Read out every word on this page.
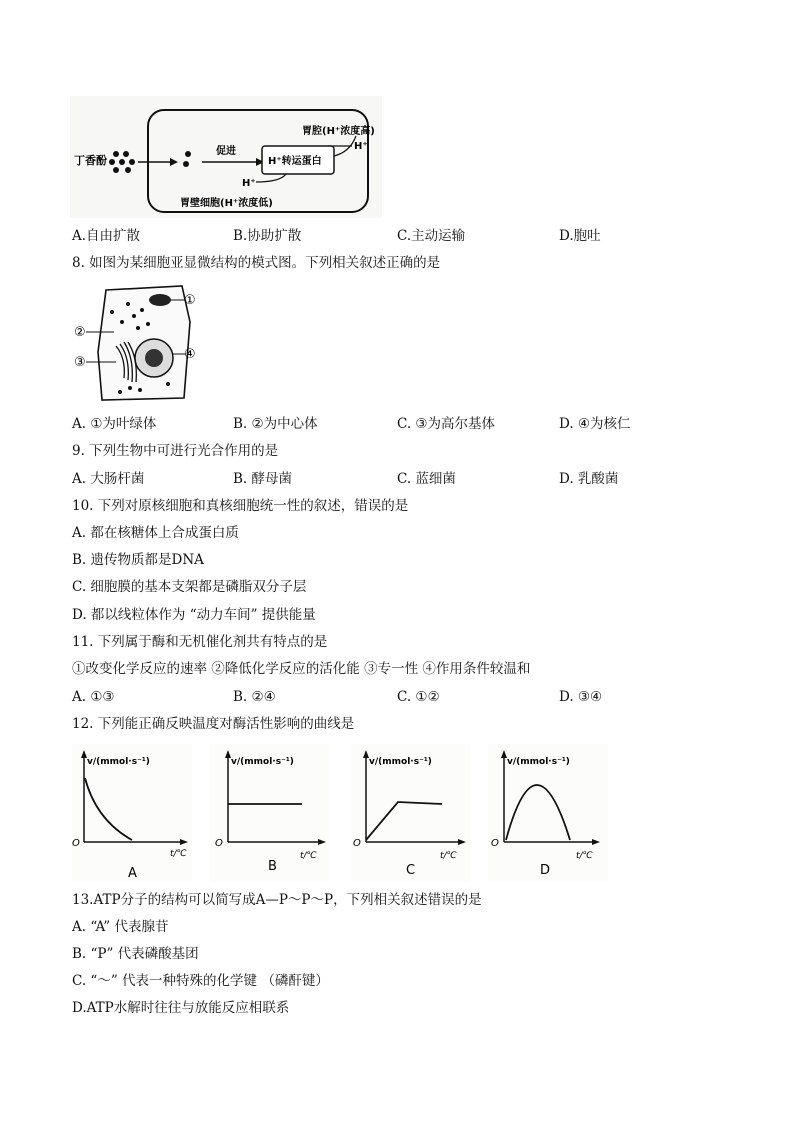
胃腔(H⁺浓度高)
H⁺
丁香酚
促进
H⁺转运蛋白
H⁺
胃壁细胞(H⁺浓度低)
A.自由扩散	B.协助扩散	C.主动运输	D.胞吐
8. 如图为某细胞亚显微结构的模式图。下列相关叙述正确的是
①
④
②
③
A. ①为叶绿体	B. ②为中心体	C. ③为高尔基体	D. ④为核仁
9. 下列生物中可进行光合作用的是
A. 大肠杆菌	B. 酵母菌	C. 蓝细菌	D. 乳酸菌
10. 下列对原核细胞和真核细胞统一性的叙述，错误的是
A. 都在核糖体上合成蛋白质
B. 遗传物质都是DNA
C. 细胞膜的基本支架都是磷脂双分子层
D. 都以线粒体作为 “动力车间” 提供能量
11. 下列属于酶和无机催化剂共有特点的是
①改变化学反应的速率 ②降低化学反应的活化能 ③专一性 ④作用条件较温和
A. ①③	B. ②④	C. ①②	D. ③④
12. 下列能正确反映温度对酶活性影响的曲线是
v/(mmol·s⁻¹)
O
t/℃
A
v/(mmol·s⁻¹)
O
t/℃
B
v/(mmol·s⁻¹)
O
t/℃
C
v/(mmol·s⁻¹)
O
t/℃
D
13.ATP分子的结构可以简写成A—P～P～P，下列相关叙述错误的是
A. “A” 代表腺苷
B. “P” 代表磷酸基团
C. “～” 代表一种特殊的化学键 （磷酐键）
D.ATP水解时往往与放能反应相联系
